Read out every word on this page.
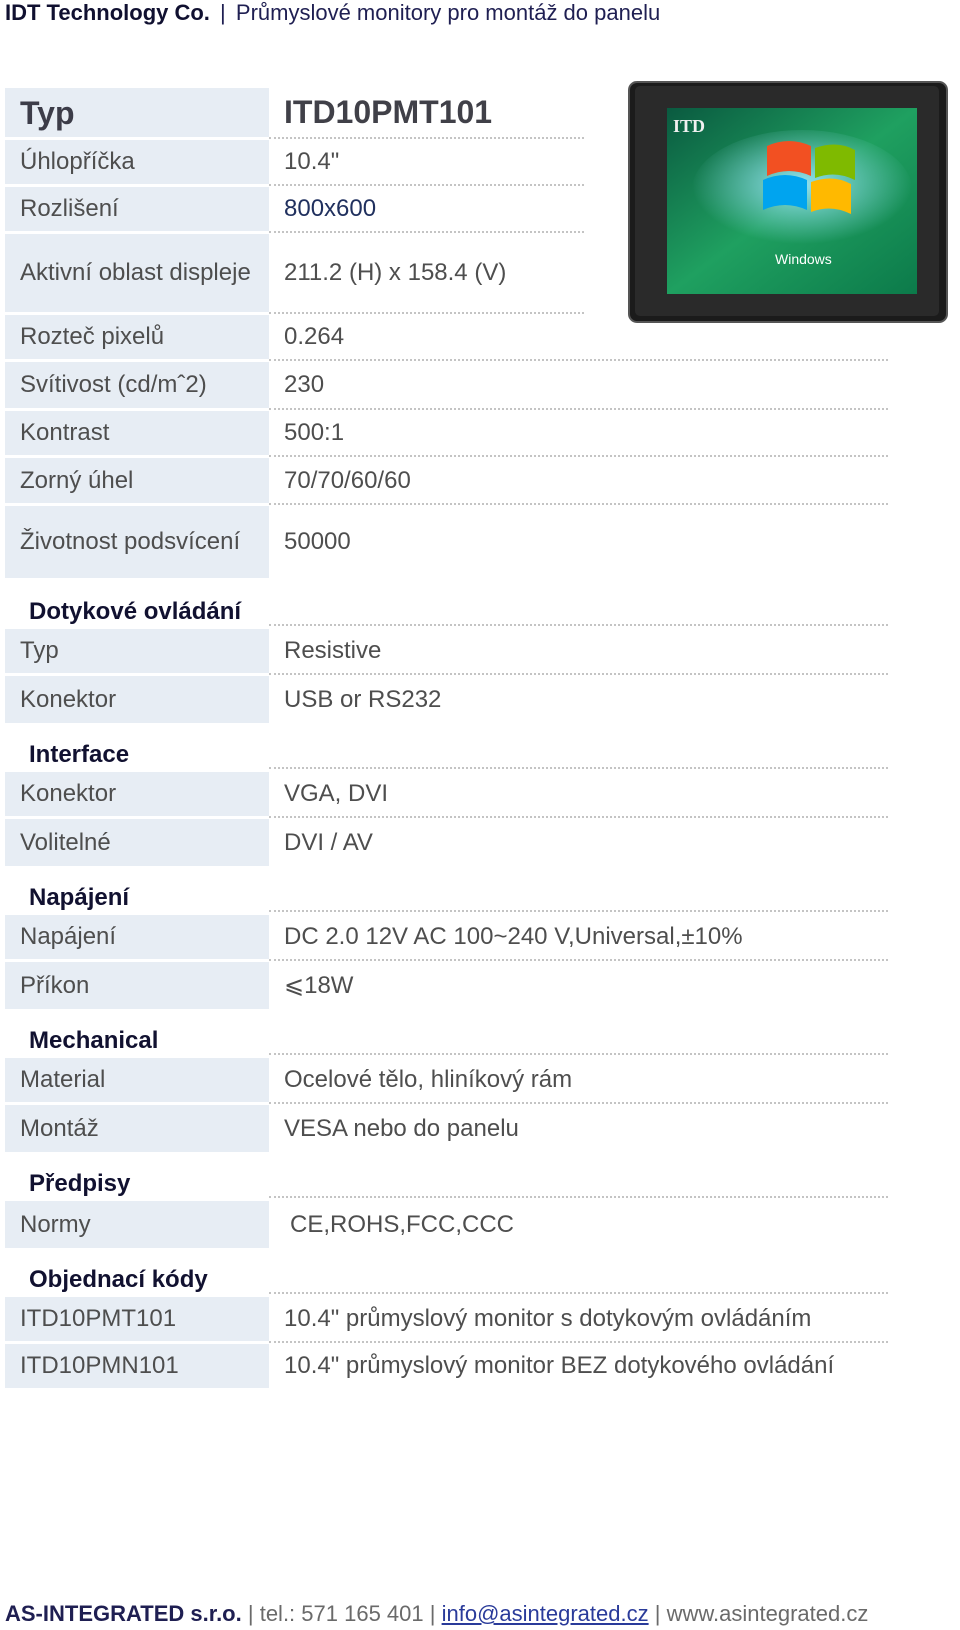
IDT Technology Co. | Průmyslové monitory pro montáž do panelu
ITD
Windows
Typ	ITD10PMT101
Úhlopříčka	10.4"
Rozlišení	800x600
Aktivní oblast displeje	211.2 (H) x 158.4 (V)
Rozteč pixelů	0.264
Svítivost (cd/mˆ2)	230
Kontrast	500:1
Zorný úhel	70/70/60/60
Životnost podsvícení	50000
Dotykové ovládání
Typ	Resistive
Konektor	USB or RS232
Interface
Konektor	VGA, DVI
Volitelné	DVI / AV
Napájení
Napájení	DC 2.0 12V AC 100~240 V,Universal,±10%
Příkon	⩽18W
Mechanical
Material	Ocelové tělo, hliníkový rám
Montáž	VESA nebo do panelu
Předpisy
Normy	CE,ROHS,FCC,CCC
Objednací kódy
ITD10PMT101	10.4" průmyslový monitor s dotykovým ovládáním
ITD10PMN101	10.4" průmyslový monitor BEZ dotykového ovládání
AS-INTEGRATED s.r.o. | tel.: 571 165 401 | info@asintegrated.cz | www.asintegrated.cz
